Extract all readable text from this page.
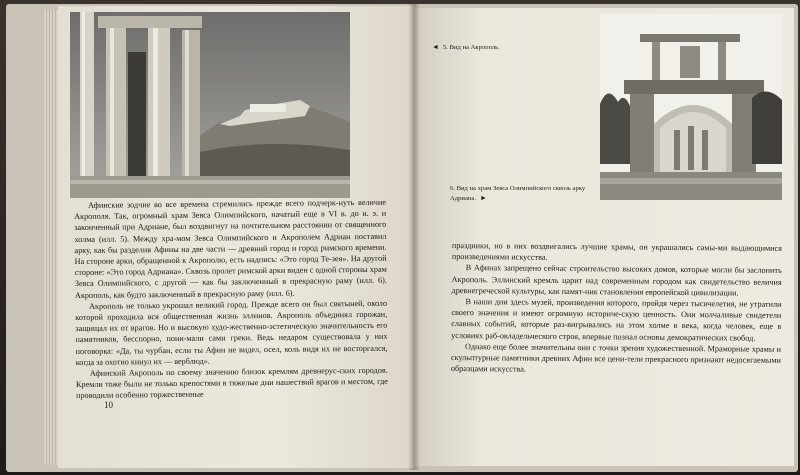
Афинские зодчие во все времена стремились прежде всего подчерк-нуть величие Акрополя. Так, огромный храм Зевса Олимпийского, начатый еще в VI в. до н. э. и законченный при Адриане, был воздвигнут на почтительном расстоянии от священного холма (илл. 5). Между хра-мом Зевса Олимпийского и Акрополем Адриан поставил арку, как бы разделив Афины на две части — древний город и город римского времени. На стороне арки, обращенной к Акрополю, есть надпись: «Это город Те-зея». На другой стороне: «Это город Адриана». Сквозь пролет римской арки виден с одной стороны храм Зевса Олимпийского, с другой — как бы заключенный в прекрасную раму (илл. 6). Акрополь, как будто заключенный в прекрасную раму (илл. 6).

Акрополь не только укрошал великий город. Прежде всего он был святыней, около которой проходила вся общественная жизнь эллинов. Акрополь объединял горожан, защищал их от врагов. Но и высокую худо-жественно-эстетическую значительность его памятников, бесспорно, пони-мали сами греки. Ведь недаром существовала у них поговорка: «Да, ты чурбан, если ты Афин не видел, осел, коль видя их не восторгался, когда за охотно кинул их — верблюд».

Афинский Акрополь по своему значению близок кремлям древнерус-ских городов. Кремли тоже были не только крепостями в тяжелые дни нашествий врагов и местом, где проводили особенно торжественные

10
◄ 5. Вид на Акрополь.
6. Вид на храм Зевса Олимпийского сквозь арку Адриана. ►

праздники, но в них воздвигались лучшие храмы, он украшались самы-ми выдающимися произведениями искусства.

В Афинах запрещено сейчас строительство высоких домов, которые могли бы заслонить Акрополь. Эллинский кремль царит над современным городом как свидетельство величия древнегреческой культуры, как памят-ник становления европейской цивилизации.

В наши дни здесь музей, произведения которого, пройдя через тысячелетия, не утратили своего значения и имеют огромную историче-скую ценность. Они молчаливые свидетели славных событий, которые раз-вигрывались на этом холме в века, когда человек, еще в условиях раб-овладельческого строя, впервые познал основы демократических свобод.

Однако еще более значительны они с точки зрения художественной. Мраморные храмы и скульптурные памятники древних Афин все цени-тели прекрасного признают недосягаемыми образцами искусства.
